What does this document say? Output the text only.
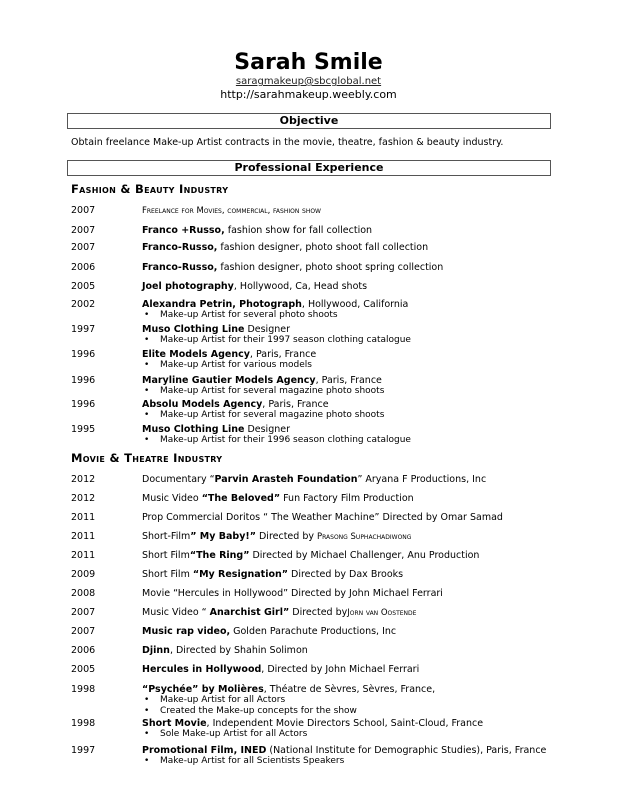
Sarah Smile
saragmakeup@sbcglobal.net
http://sarahmakeup.weebly.com
Objective
Obtain freelance Make-up Artist contracts in the movie, theatre, fashion & beauty industry.
Professional Experience
Fashion & Beauty Industry
2007	Freelance for Movies, commercial, fashion show
2007	Franco +Russo, fashion show for fall collection
2007	Franco-Russo, fashion designer, photo shoot fall collection
2006	Franco-Russo, fashion designer, photo shoot spring collection
2005	Joel photography, Hollywood, Ca, Head shots
2002	Alexandra Petrin, Photograph, Hollywood, California
• Make-up Artist for several photo shoots
1997	Muso Clothing Line Designer
• Make-up Artist for their 1997 season clothing catalogue
1996	Elite Models Agency, Paris, France
• Make-up Artist for various models
1996	Maryline Gautier Models Agency, Paris, France
• Make-up Artist for several magazine photo shoots
1996	Absolu Models Agency, Paris, France
• Make-up Artist for several magazine photo shoots
1995	Muso Clothing Line Designer
• Make-up Artist for their 1996 season clothing catalogue
Movie & Theatre Industry
2012	Documentary “Parvin Arasteh Foundation” Aryana F Productions, Inc
2012	Music Video “The Beloved” Fun Factory Film Production
2011	Prop Commercial Doritos “ The Weather Machine” Directed by Omar Samad
2011	Short-Film” My Baby!” Directed by Prasong Suphachadiwong
2011	Short Film“The Ring” Directed by Michael Challenger, Anu Production
2009	Short Film “My Resignation” Directed by Dax Brooks
2008	Movie “Hercules in Hollywood” Directed by John Michael Ferrari
2007	Music Video “ Anarchist Girl” Directed byJorn van Oostende
2007	Music rap video, Golden Parachute Productions, Inc
2006	Djinn, Directed by Shahin Solimon
2005	Hercules in Hollywood, Directed by John Michael Ferrari
1998	“Psychée” by Molières, Théatre de Sèvres, Sèvres, France,
• Make-up Artist for all Actors
• Created the Make-up concepts for the show
1998	Short Movie, Independent Movie Directors School, Saint-Cloud, France
• Sole Make-up Artist for all Actors
1997	Promotional Film, INED (National Institute for Demographic Studies), Paris, France
• Make-up Artist for all Scientists Speakers
